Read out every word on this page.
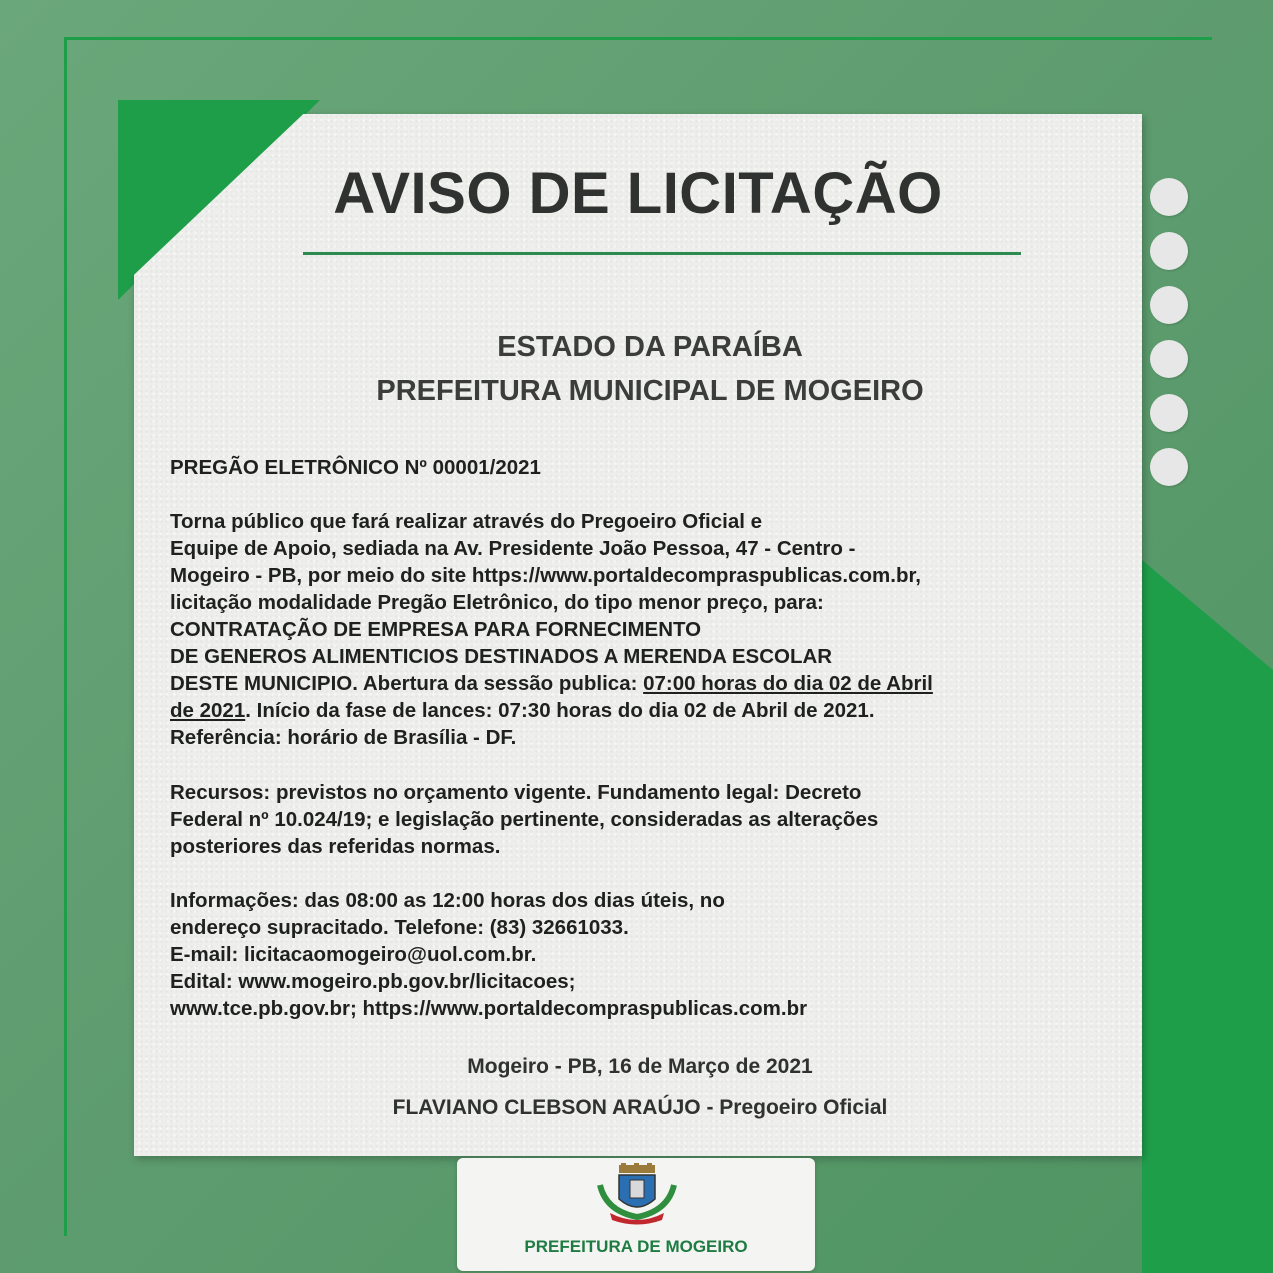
AVISO DE LICITAÇÃO

ESTADO DA PARAÍBA

PREFEITURA MUNICIPAL DE MOGEIRO

PREGÃO ELETRÔNICO Nº 00001/2021

Torna público que fará realizar através do Pregoeiro Oficial e
Equipe de Apoio, sediada na Av. Presidente João Pessoa, 47 - Centro -
Mogeiro - PB, por meio do site https://www.portaldecompraspublicas.com.br,
licitação modalidade Pregão Eletrônico, do tipo menor preço, para:
CONTRATAÇÃO DE EMPRESA PARA FORNECIMENTO
DE GENEROS ALIMENTICIOS DESTINADOS A MERENDA ESCOLAR
DESTE MUNICIPIO. Abertura da sessão publica: 07:00 horas do dia 02 de Abril
de 2021. Início da fase de lances: 07:30 horas do dia 02 de Abril de 2021.
Referência: horário de Brasília - DF.
Recursos: previstos no orçamento vigente. Fundamento legal: Decreto
Federal nº 10.024/19; e legislação pertinente, consideradas as alterações
posteriores das referidas normas.
Informações: das 08:00 as 12:00 horas dos dias úteis, no
endereço supracitado. Telefone: (83) 32661033.
E-mail: licitacaomogeiro@uol.com.br.
Edital: www.mogeiro.pb.gov.br/licitacoes;
www.tce.pb.gov.br; https://www.portaldecompraspublicas.com.br

Mogeiro - PB, 16 de Março de 2021

FLAVIANO CLEBSON ARAÚJO - Pregoeiro Oficial

PREFEITURA DE MOGEIRO
